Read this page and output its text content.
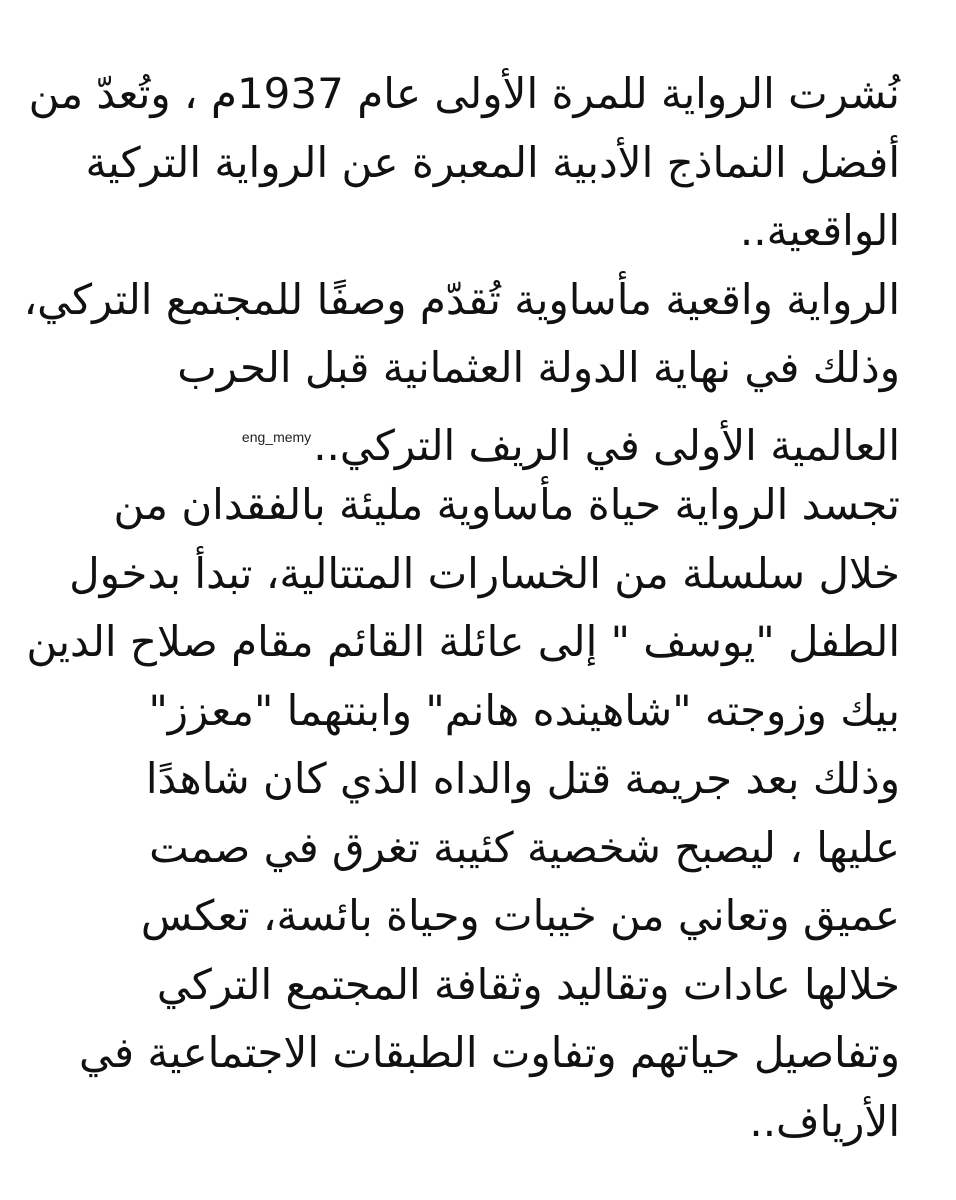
نُشرت الرواية للمرة الأولى عام 1937م ، وتُعدّ من
أفضل النماذج الأدبية المعبرة عن الرواية التركية
الواقعية..
الرواية واقعية مأساوية تُقدّم وصفًا للمجتمع التركي،
وذلك في نهاية الدولة العثمانية قبل الحرب
العالمية الأولى في الريف التركي..$^{eng\_memy}$
تجسد الرواية حياة مأساوية مليئة بالفقدان من
خلال سلسلة من الخسارات المتتالية، تبدأ بدخول
الطفل "يوسف " إلى عائلة القائم مقام صلاح الدين
بيك وزوجته "شاهينده هانم" وابنتهما "معزز"
وذلك بعد جريمة قتل والداه الذي كان شاهدًا
عليها ، ليصبح شخصية كئيبة تغرق في صمت
عميق وتعاني من خيبات وحياة بائسة، تعكس
خلالها عادات وتقاليد وثقافة المجتمع التركي
وتفاصيل حياتهم وتفاوت الطبقات الاجتماعية في
الأرياف..
